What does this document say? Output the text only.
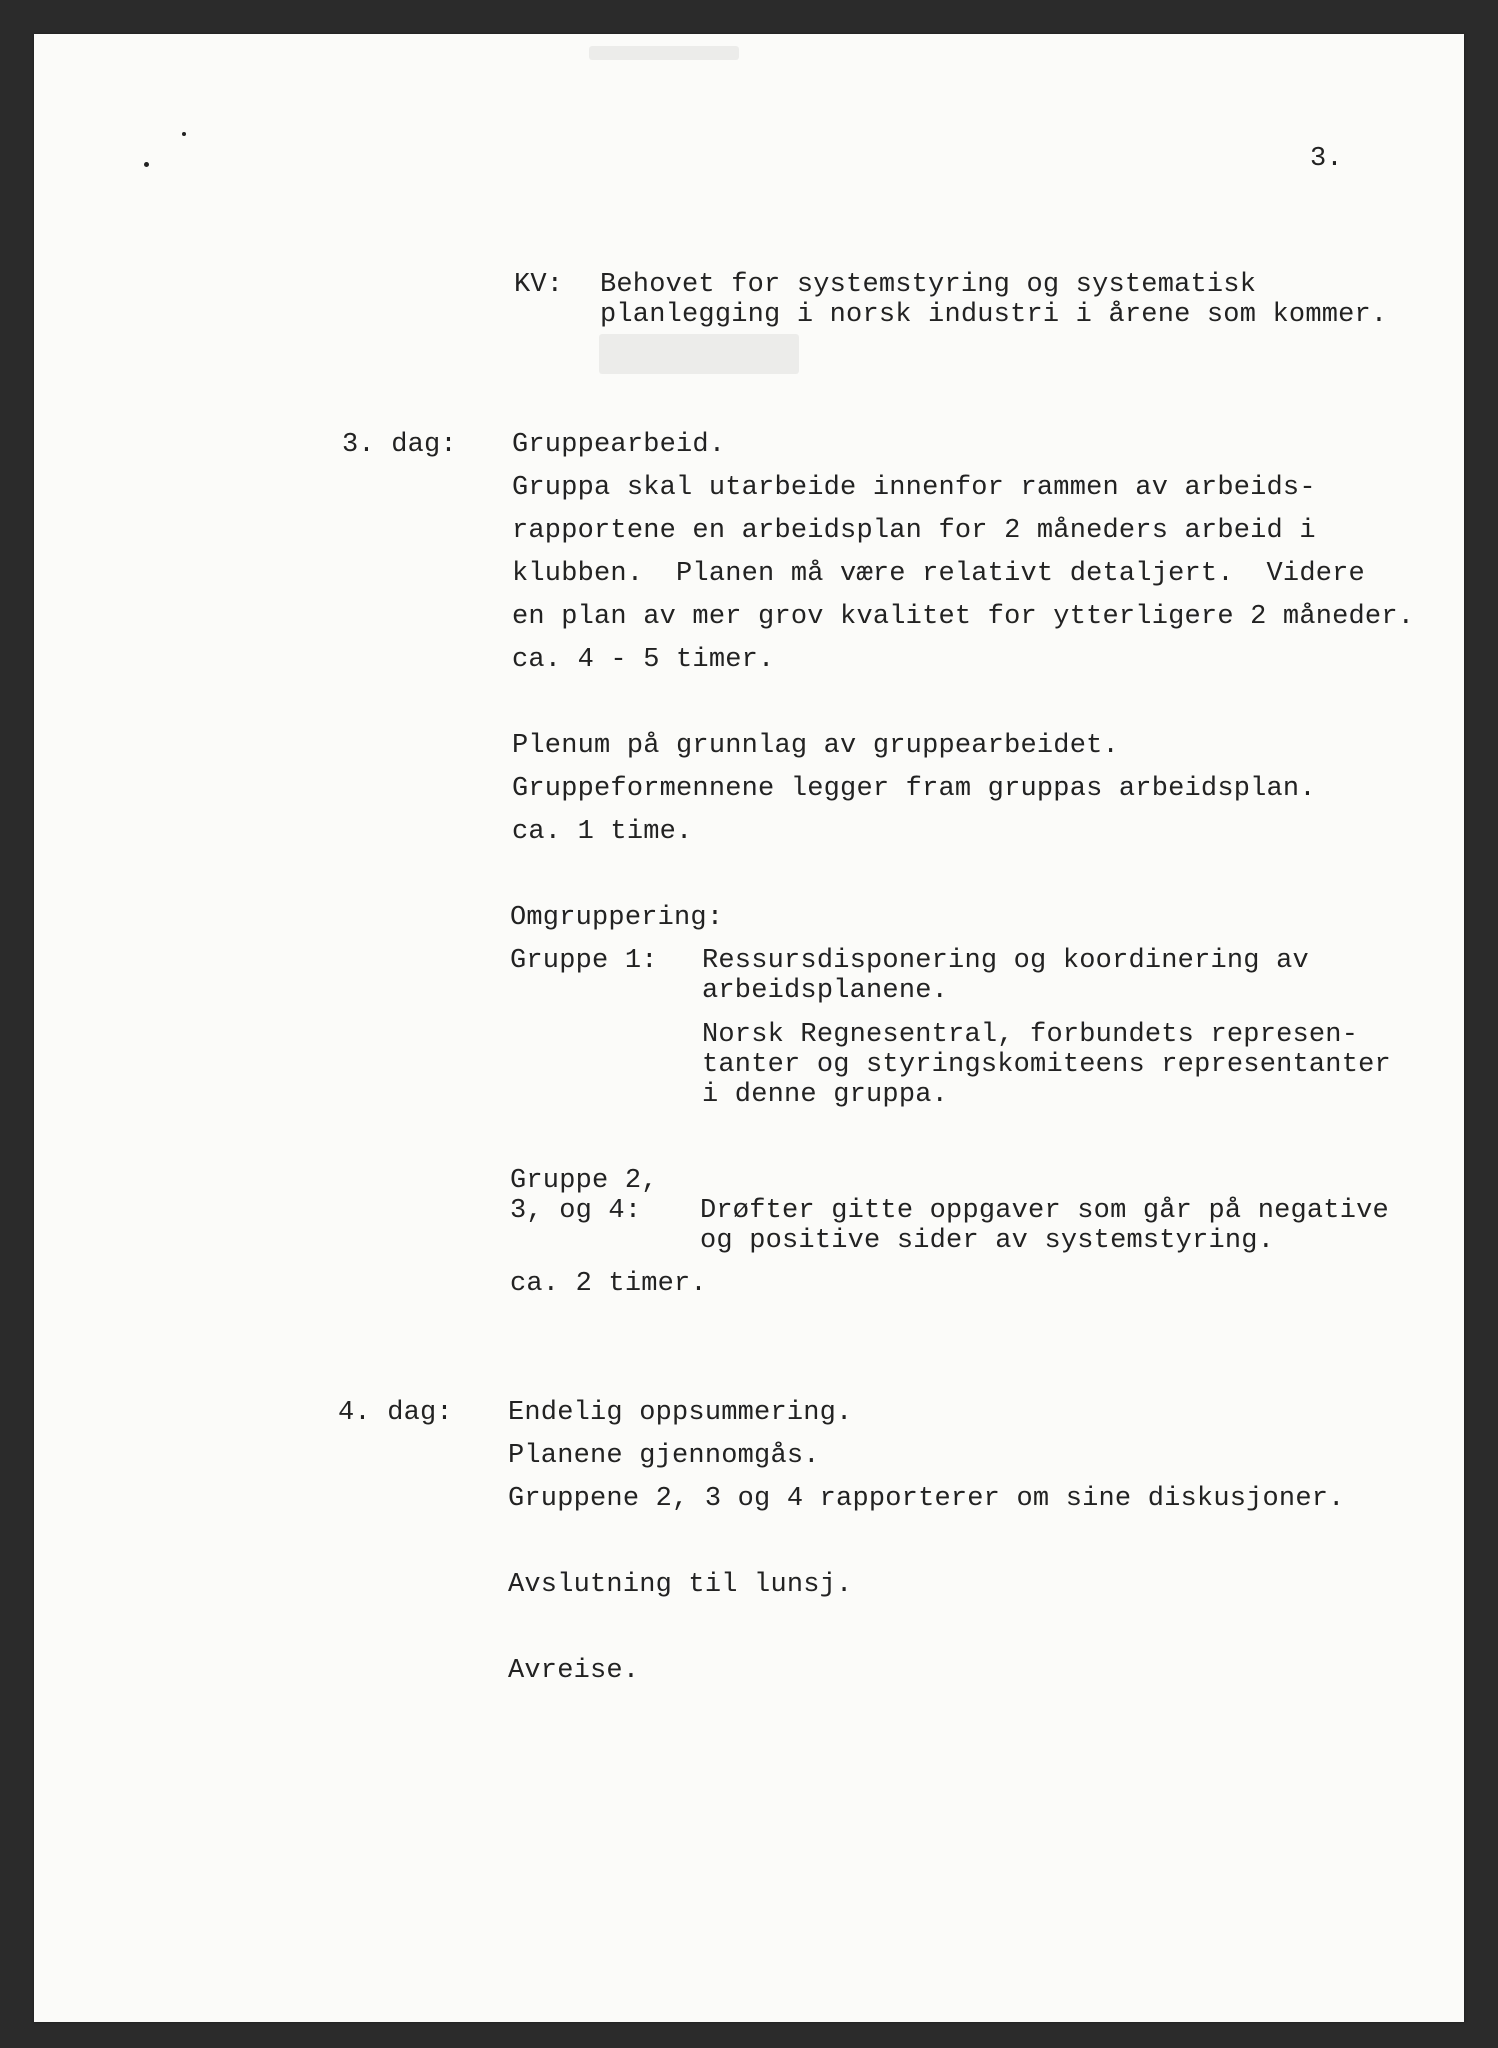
3.

KV: Behovet for systemstyring og systematisk

planlegging i norsk industri i årene som kommer.

3. dag: Gruppearbeid.

Gruppa skal utarbeide innenfor rammen av arbeids-

rapportene en arbeidsplan for 2 måneders arbeid i

klubben.  Planen må være relativt detaljert.  Videre

en plan av mer grov kvalitet for ytterligere 2 måneder.

ca. 4 - 5 timer.

Plenum på grunnlag av gruppearbeidet.

Gruppeformennene legger fram gruppas arbeidsplan.

ca. 1 time.

Omgruppering:

Gruppe 1: Ressursdisponering og koordinering av

arbeidsplanene.

Norsk Regnesentral, forbundets represen-

tanter og styringskomiteens representanter

i denne gruppa.

Gruppe 2,

3, og 4: Drøfter gitte oppgaver som går på negative

og positive sider av systemstyring.

ca. 2 timer.

4. dag: Endelig oppsummering.

Planene gjennomgås.

Gruppene 2, 3 og 4 rapporterer om sine diskusjoner.

Avslutning til lunsj.

Avreise.
